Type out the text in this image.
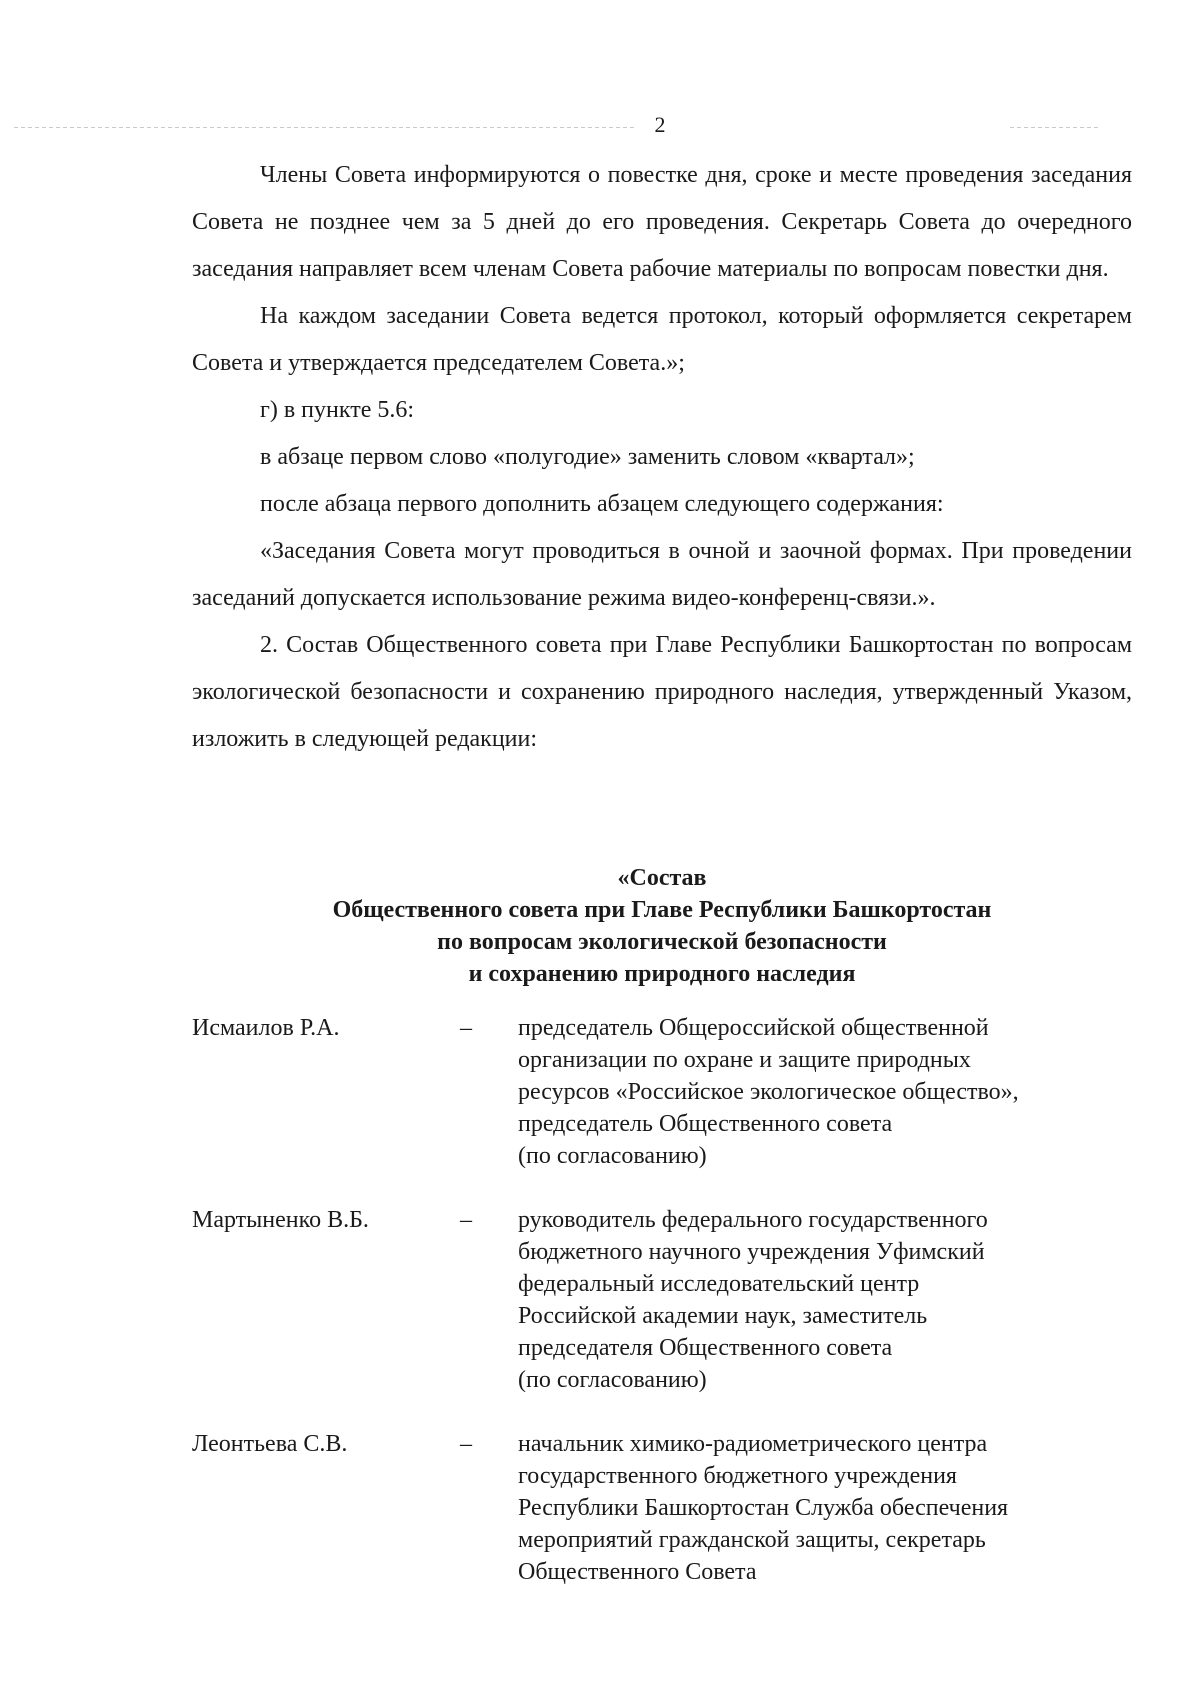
2

Члены Совета информируются о повестке дня, сроке и месте проведения заседания Совета не позднее чем за 5 дней до его проведения. Секретарь Совета до очередного заседания направляет всем членам Совета рабочие материалы по вопросам повестки дня.

На каждом заседании Совета ведется протокол, который оформляется секретарем Совета и утверждается председателем Совета.»;

г) в пункте 5.6:

в абзаце первом слово «полугодие» заменить словом «квартал»;

после абзаца первого дополнить абзацем следующего содержания:

«Заседания Совета могут проводиться в очной и заочной формах. При проведении заседаний допускается использование режима видео-конференц-связи.».

2. Состав Общественного совета при Главе Республики Башкортостан по вопросам экологической безопасности и сохранению природного наследия, утвержденный Указом, изложить в следующей редакции:

«Состав
Общественного совета при Главе Республики Башкортостан
по вопросам экологической безопасности
и сохранению природного наследия
Исмаилов Р.А.	–	председатель Общероссийской общественной
организации по охране и защите природных
ресурсов «Российское экологическое общество»,
председатель Общественного совета
(по согласованию)
Мартыненко В.Б.	–	руководитель федерального государственного
бюджетного научного учреждения Уфимский
федеральный исследовательский центр
Российской академии наук, заместитель
председателя Общественного совета
(по согласованию)
Леонтьева С.В.	–	начальник химико-радиометрического центра
государственного бюджетного учреждения
Республики Башкортостан Служба обеспечения
мероприятий гражданской защиты, секретарь
Общественного Совета
